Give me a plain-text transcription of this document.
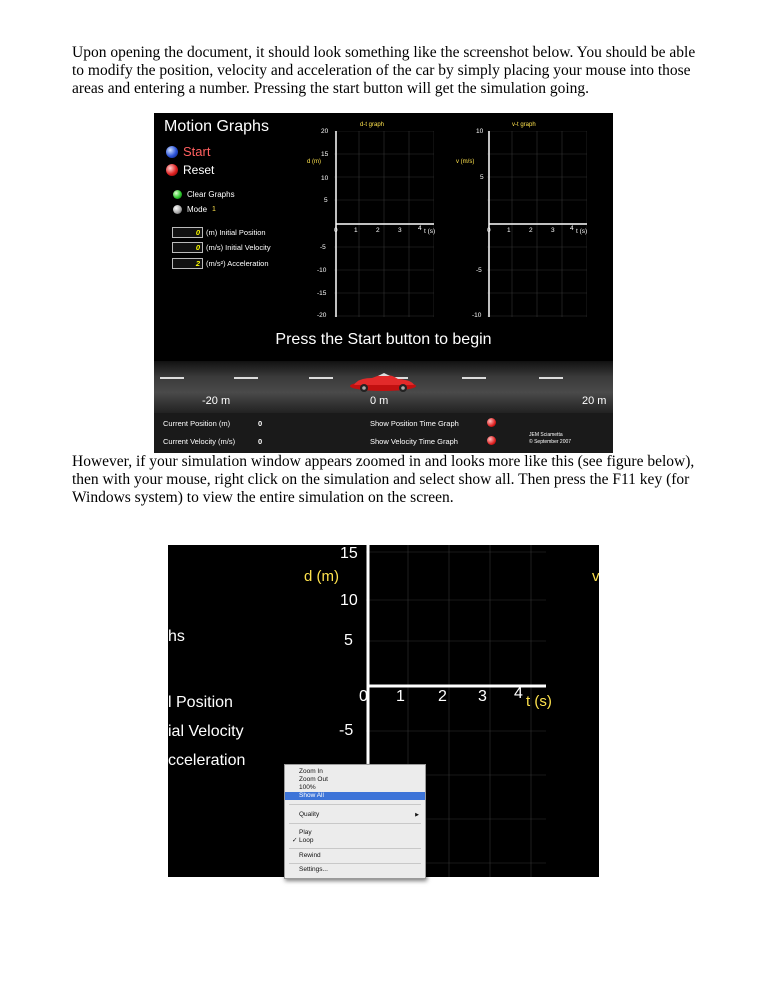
Upon opening the document, it should look something like the screenshot below. You should be able to modify the position, velocity and acceleration of the car by simply placing your mouse into those areas and entering a number. Pressing the start button will get the simulation going.

Motion Graphs
Start
Reset
Clear Graphs
Mode 1
0 (m) Initial Position
0 (m/s) Initial Velocity
2 (m/s²) Acceleration
d-t graph
d (m)
t (s)
20
15
10
5
-5
-10
-15
-20
0	1	2	3	4
v-t graph
v (m/s)
t (s)
10
5
-5
-10
0	1	2	3 4
Press the Start button to begin
-20 m	0 m	20 m
Current Position (m)	0
Current Velocity (m/s)	0
Show Position Time Graph
Show Velocity Time Graph
JEM Sciametta
© September 2007

However, if your simulation window appears zoomed in and looks more like this (see figure below), then with your mouse, right click on the simulation and select show all. Then press the F11 key (for Windows system) to view the entire simulation on the screen.

15
d (m)
10
5
-5
0 1 2 3 4 t (s)
v
hs
l Position
ial Velocity
cceleration
Zoom In
Zoom Out
100%
Show All
Quality	▶
Play
✓ Loop
Rewind
Settings...
